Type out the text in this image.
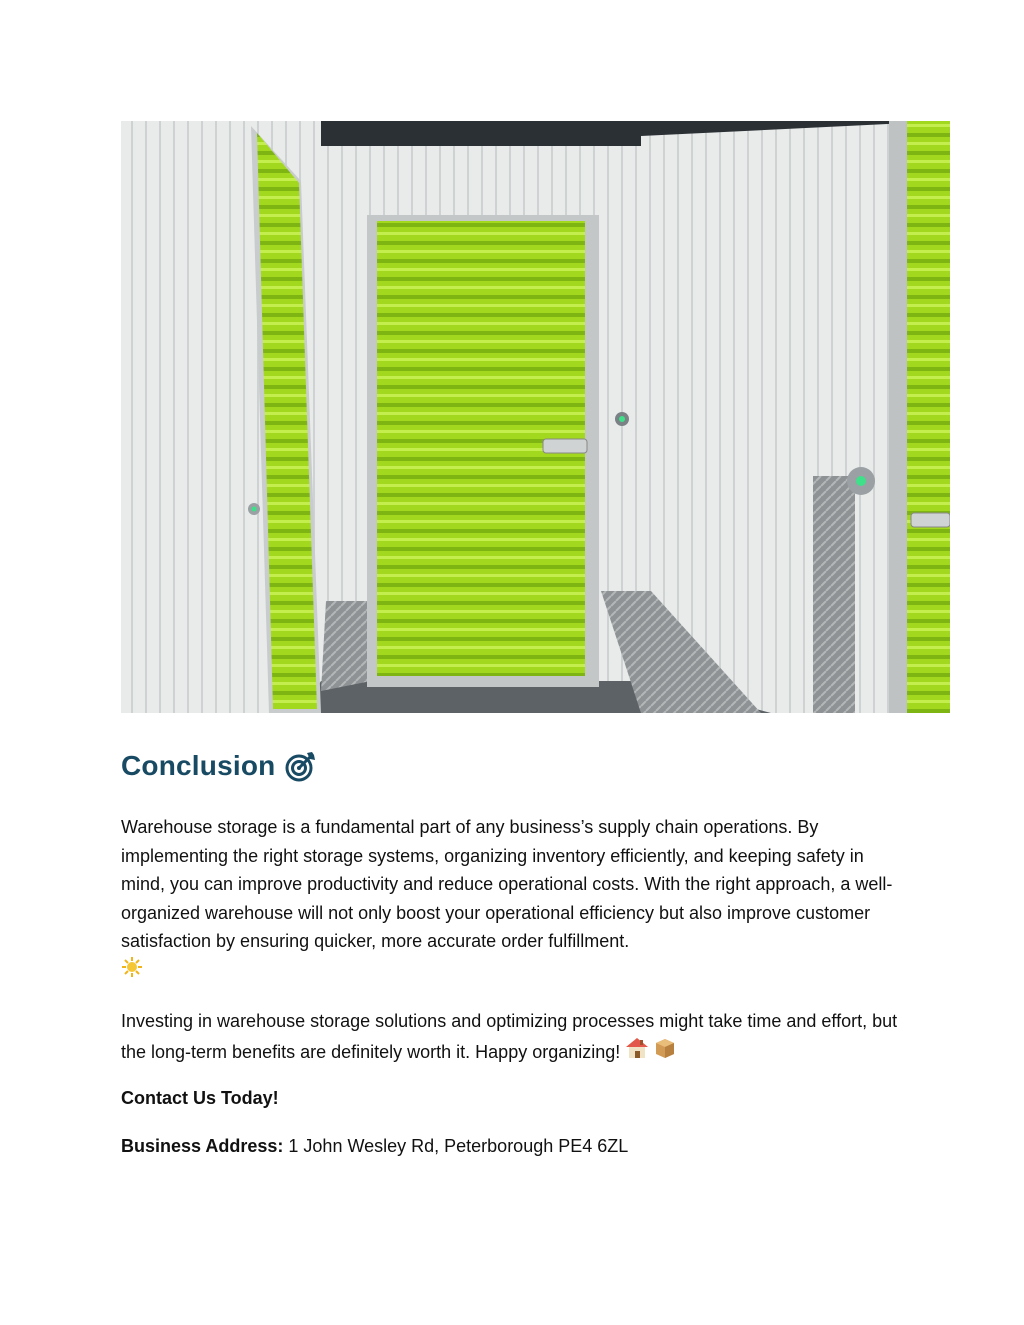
Conclusion
Warehouse storage is a fundamental part of any business’s supply chain operations. By implementing the right storage systems, organizing inventory efficiently, and keeping safety in mind, you can improve productivity and reduce operational costs. With the right approach, a well-organized warehouse will not only boost your operational efficiency but also improve customer satisfaction by ensuring quicker, more accurate order fulfillment.

Investing in warehouse storage solutions and optimizing processes might take time and effort, but the long-term benefits are definitely worth it. Happy organizing!
Contact Us Today!
Business Address: 1 John Wesley Rd, Peterborough PE4 6ZL
